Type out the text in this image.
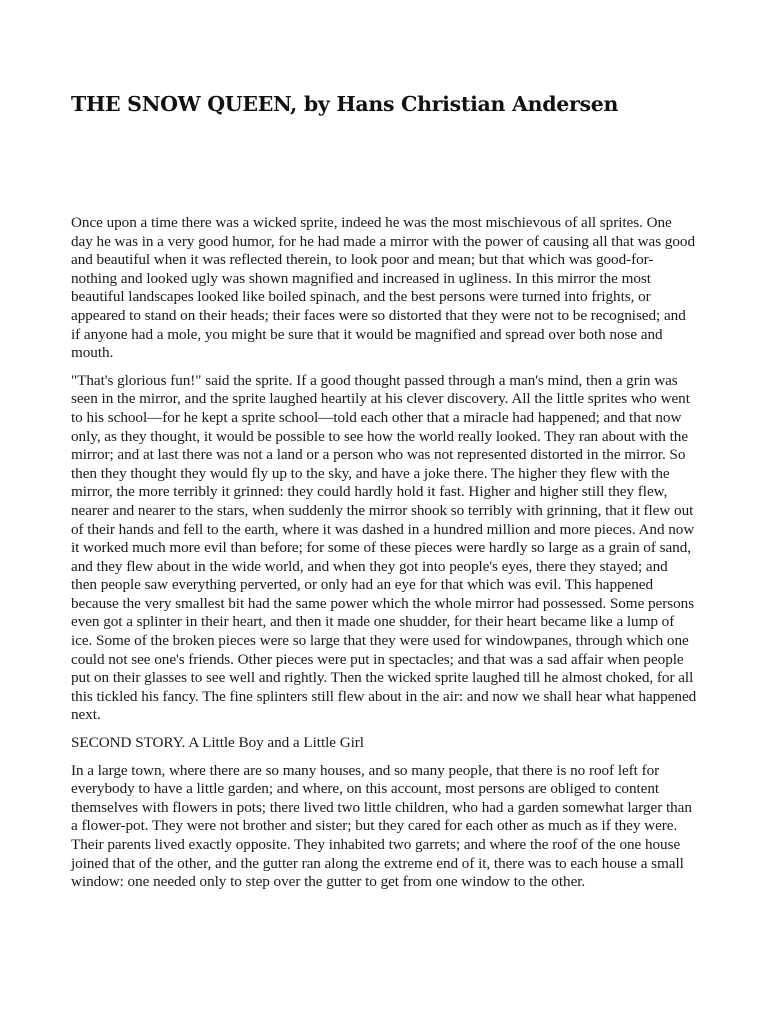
THE SNOW QUEEN, by Hans Christian Andersen

Once upon a time there was a wicked sprite, indeed he was the most mischievous of all sprites. One day he was in a very good humor, for he had made a mirror with the power of causing all that was good and beautiful when it was reflected therein, to look poor and mean; but that which was good-for-nothing and looked ugly was shown magnified and increased in ugliness. In this mirror the most beautiful landscapes looked like boiled spinach, and the best persons were turned into frights, or appeared to stand on their heads; their faces were so distorted that they were not to be recognised; and if anyone had a mole, you might be sure that it would be magnified and spread over both nose and mouth.

"That's glorious fun!" said the sprite. If a good thought passed through a man's mind, then a grin was seen in the mirror, and the sprite laughed heartily at his clever discovery. All the little sprites who went to his school—for he kept a sprite school—told each other that a miracle had happened; and that now only, as they thought, it would be possible to see how the world really looked. They ran about with the mirror; and at last there was not a land or a person who was not represented distorted in the mirror. So then they thought they would fly up to the sky, and have a joke there. The higher they flew with the mirror, the more terribly it grinned: they could hardly hold it fast. Higher and higher still they flew, nearer and nearer to the stars, when suddenly the mirror shook so terribly with grinning, that it flew out of their hands and fell to the earth, where it was dashed in a hundred million and more pieces. And now it worked much more evil than before; for some of these pieces were hardly so large as a grain of sand, and they flew about in the wide world, and when they got into people's eyes, there they stayed; and then people saw everything perverted, or only had an eye for that which was evil. This happened because the very smallest bit had the same power which the whole mirror had possessed. Some persons even got a splinter in their heart, and then it made one shudder, for their heart became like a lump of ice. Some of the broken pieces were so large that they were used for windowpanes, through which one could not see one's friends. Other pieces were put in spectacles; and that was a sad affair when people put on their glasses to see well and rightly. Then the wicked sprite laughed till he almost choked, for all this tickled his fancy. The fine splinters still flew about in the air: and now we shall hear what happened next.

SECOND STORY. A Little Boy and a Little Girl

In a large town, where there are so many houses, and so many people, that there is no roof left for everybody to have a little garden; and where, on this account, most persons are obliged to content themselves with flowers in pots; there lived two little children, who had a garden somewhat larger than a flower-pot. They were not brother and sister; but they cared for each other as much as if they were. Their parents lived exactly opposite. They inhabited two garrets; and where the roof of the one house joined that of the other, and the gutter ran along the extreme end of it, there was to each house a small window: one needed only to step over the gutter to get from one window to the other.
